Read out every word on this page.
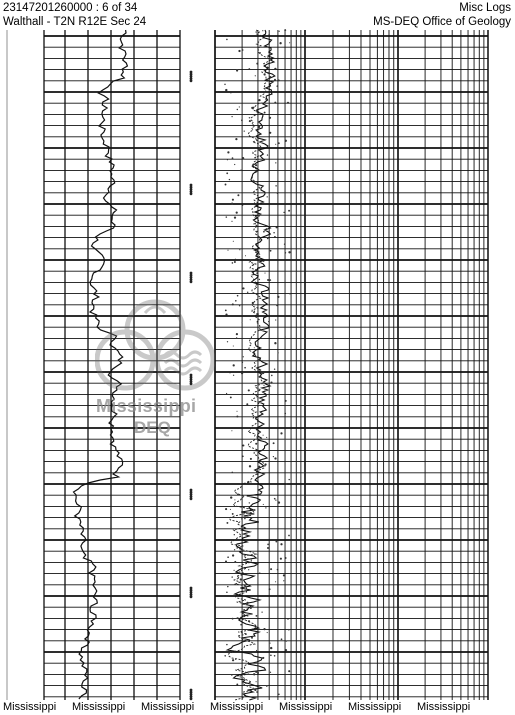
23147201260000 : 6 of 34
Walthall - T2N R12E Sec 24
Misc Logs
MS-DEQ Office of Geology
Mississippi
DEQ
Mississippi Mississippi Mississippi Mississippi Mississippi Mississippi Mississippi
